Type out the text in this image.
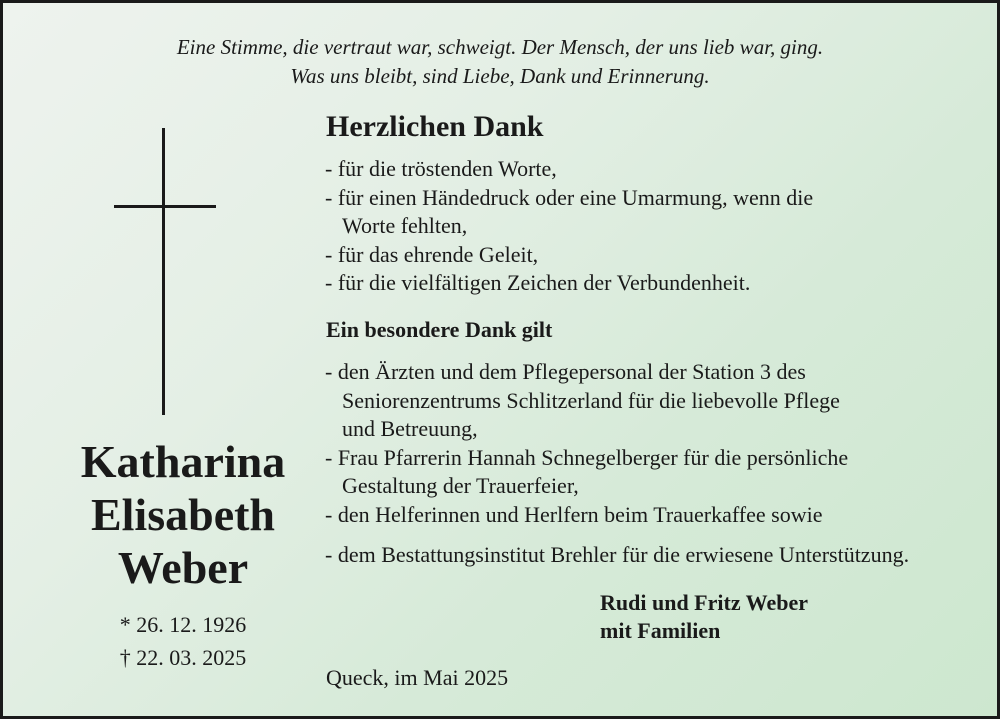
Eine Stimme, die vertraut war, schweigt. Der Mensch, der uns lieb war, ging.
Was uns bleibt, sind Liebe, Dank und Erinnerung.
Katharina
Elisabeth
Weber
* 26. 12. 1926
† 22. 03. 2025
Herzlichen Dank
- für die tröstenden Worte,
- für einen Händedruck oder eine Umarmung, wenn die
Worte fehlten,
- für das ehrende Geleit,
- für die vielfältigen Zeichen der Verbundenheit.
Ein besondere Dank gilt
- den Ärzten und dem Pflegepersonal der Station 3 des
Seniorenzentrums Schlitzerland für die liebevolle Pflege
und Betreuung,
- Frau Pfarrerin Hannah Schnegelberger für die persönliche
Gestaltung der Trauerfeier,
- den Helferinnen und Herlfern beim Trauerkaffee sowie
- dem Bestattungsinstitut Brehler für die erwiesene Unterstützung.
Rudi und Fritz Weber
mit Familien
Queck, im Mai 2025
